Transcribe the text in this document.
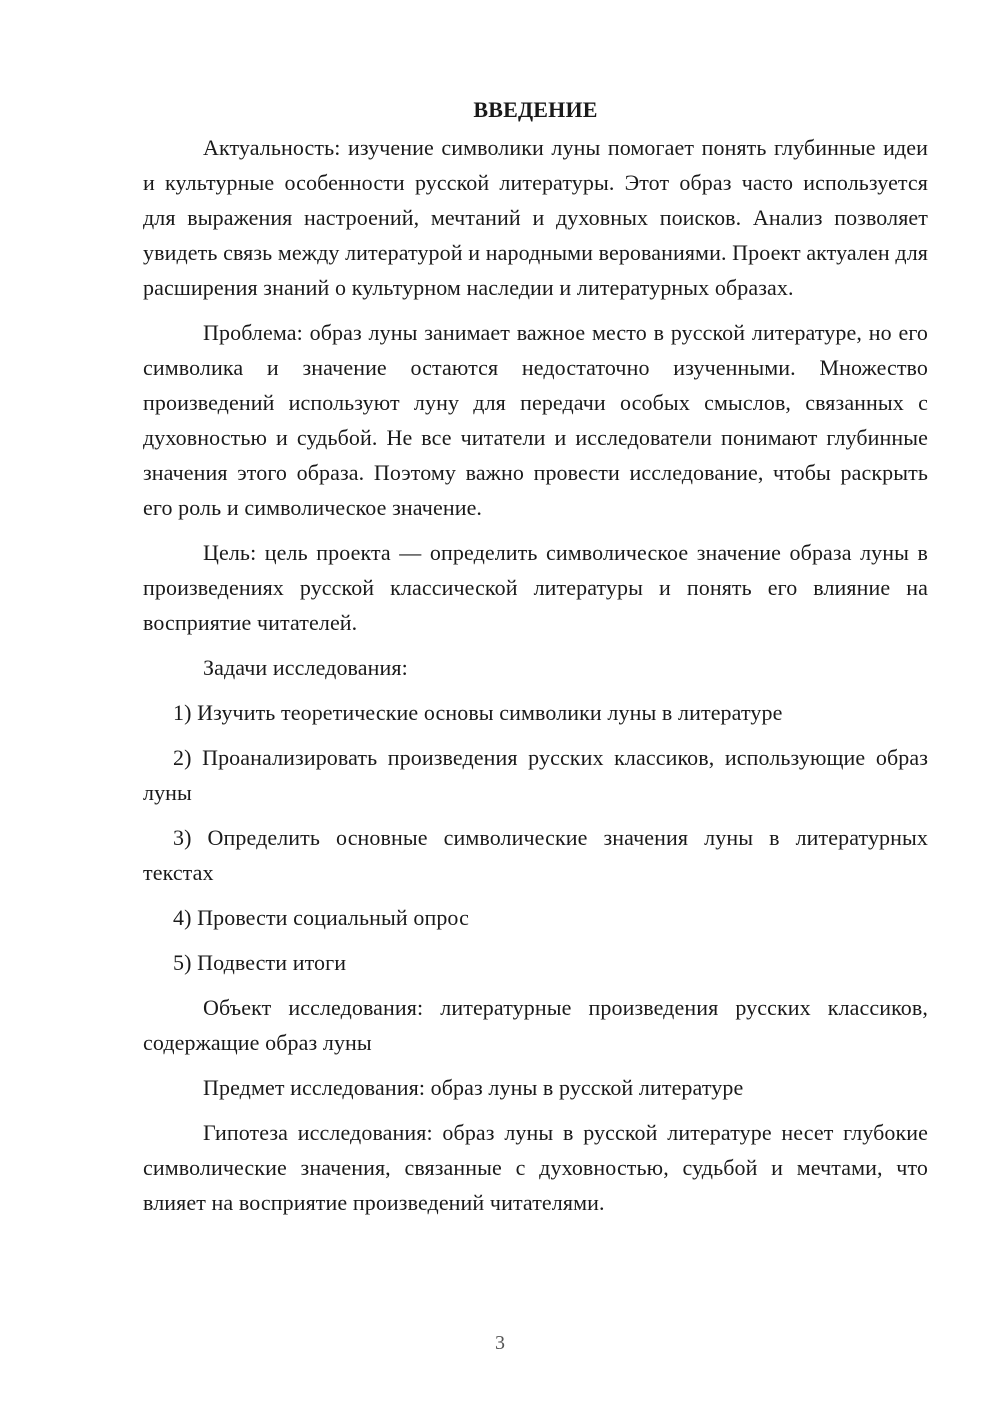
ВВЕДЕНИЕ

Актуальность: изучение символики луны помогает понять глубинные идеи и культурные особенности русской литературы. Этот образ часто используется для выражения настроений, мечтаний и духовных поисков. Анализ позволяет увидеть связь между литературой и народными верованиями. Проект актуален для расширения знаний о культурном наследии и литературных образах.

Проблема: образ луны занимает важное место в русской литературе, но его символика и значение остаются недостаточно изученными. Множество произведений используют луну для передачи особых смыслов, связанных с духовностью и судьбой. Не все читатели и исследователи понимают глубинные значения этого образа. Поэтому важно провести исследование, чтобы раскрыть его роль и символическое значение.

Цель: цель проекта — определить символическое значение образа луны в произведениях русской классической литературы и понять его влияние на восприятие читателей.

Задачи исследования:

1) Изучить теоретические основы символики луны в литературе

2) Проанализировать произведения русских классиков, использующие образ луны

3) Определить основные символические значения луны в литературных текстах

4) Провести социальный опрос

5) Подвести итоги

Объект исследования: литературные произведения русских классиков, содержащие образ луны

Предмет исследования: образ луны в русской литературе

Гипотеза исследования: образ луны в русской литературе несет глубокие символические значения, связанные с духовностью, судьбой и мечтами, что влияет на восприятие произведений читателями.

3
